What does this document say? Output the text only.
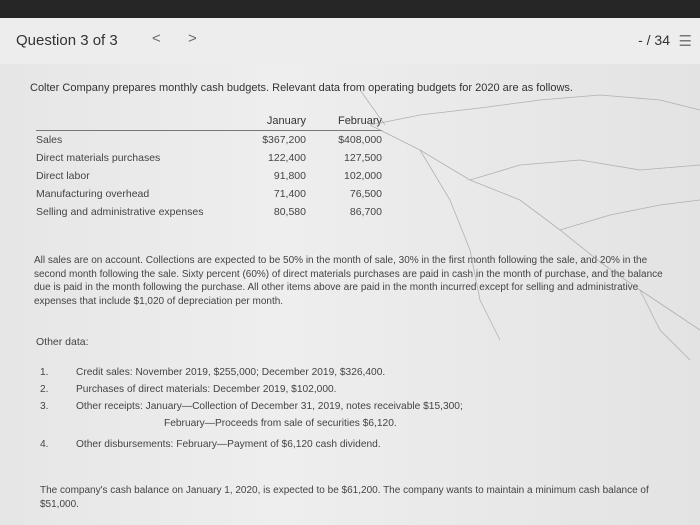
Question 3 of 3 < >	- / 34 ☰
Colter Company prepares monthly cash budgets. Relevant data from operating budgets for 2020 are as follows.
	January	February
Sales	$367,200	$408,000
Direct materials purchases	122,400	127,500
Direct labor	91,800	102,000
Manufacturing overhead	71,400	76,500
Selling and administrative expenses	80,580	86,700
All sales are on account. Collections are expected to be 50% in the month of sale, 30% in the first month following the sale, and 20% in the second month following the sale. Sixty percent (60%) of direct materials purchases are paid in cash in the month of purchase, and the balance due is paid in the month following the purchase. All other items above are paid in the month incurred except for selling and administrative expenses that include $1,020 of depreciation per month.
Other data:
1.	Credit sales: November 2019, $255,000; December 2019, $326,400.
2.	Purchases of direct materials: December 2019, $102,000.
3.	Other receipts: January—Collection of December 31, 2019, notes receivable $15,300;
February—Proceeds from sale of securities $6,120.
4.	Other disbursements: February—Payment of $6,120 cash dividend.
The company's cash balance on January 1, 2020, is expected to be $61,200. The company wants to maintain a minimum cash balance of $51,000.
